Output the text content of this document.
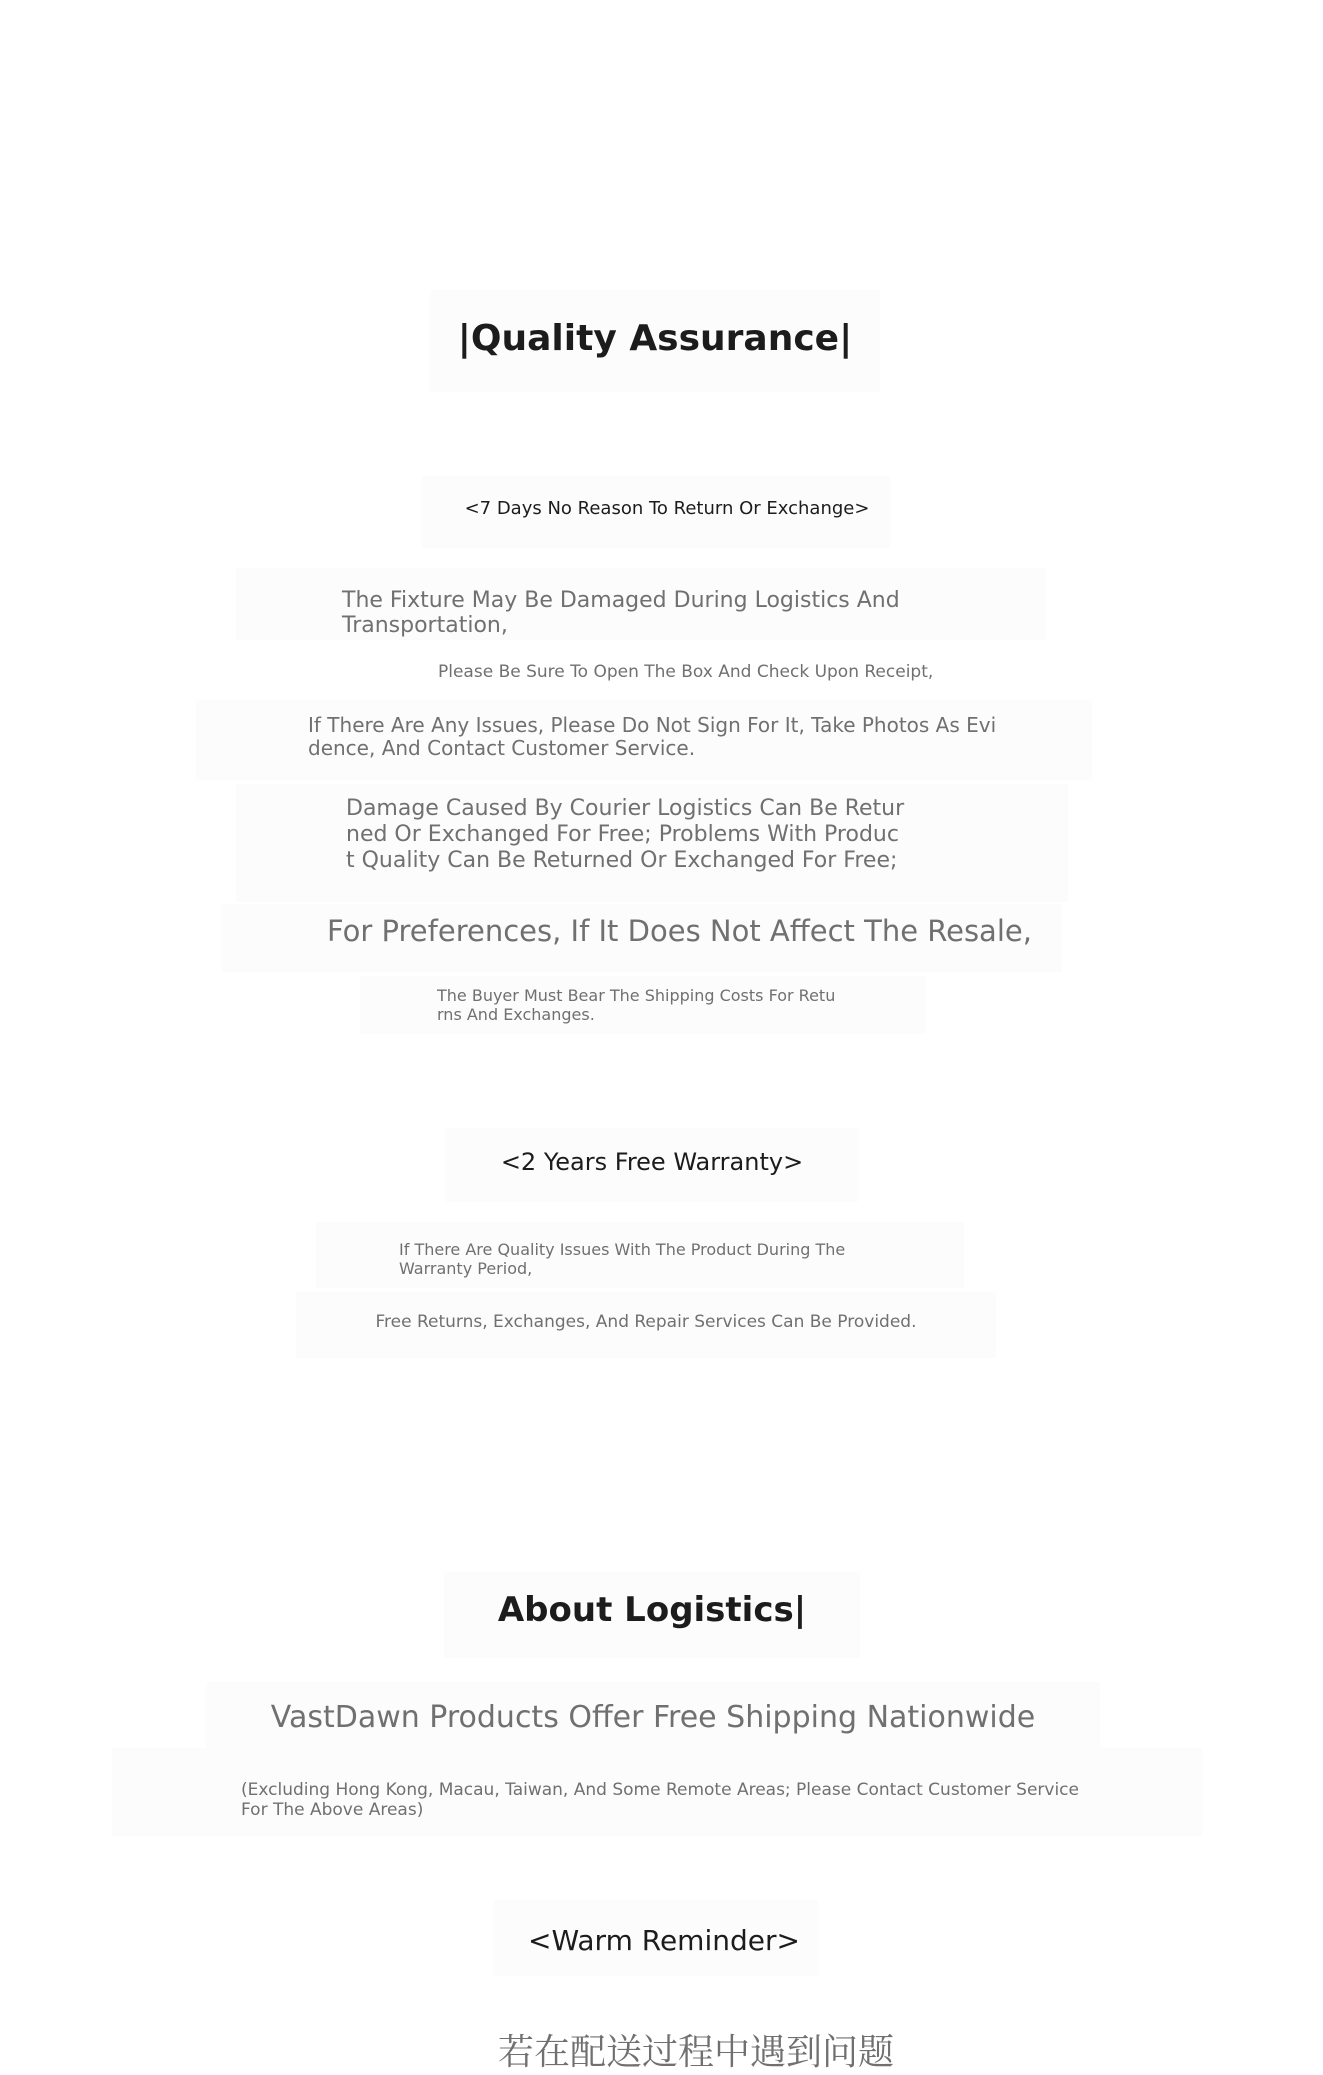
|Quality Assurance|
<7 Days No Reason To Return Or Exchange>
The Fixture May Be Damaged During Logistics And Transportation,
Please Be Sure To Open The Box And Check Upon Receipt,
If There Are Any Issues, Please Do Not Sign For It, Take Photos As Evi
dence, And Contact Customer Service.
Damage Caused By Courier Logistics Can Be Retur
ned Or Exchanged For Free; Problems With Produc
t Quality Can Be Returned Or Exchanged For Free;
For Preferences, If It Does Not Affect The Resale,
The Buyer Must Bear The Shipping Costs For Retu
rns And Exchanges.
<2 Years Free Warranty>
If There Are Quality Issues With The Product During The
Warranty Period,
Free Returns, Exchanges, And Repair Services Can Be Provided.
About Logistics|
VastDawn Products Offer Free Shipping Nationwide
(Excluding Hong Kong, Macau, Taiwan, And Some Remote Areas; Please Contact Customer Service
For The Above Areas)
<Warm Reminder>
若在配送过程中遇到问题
